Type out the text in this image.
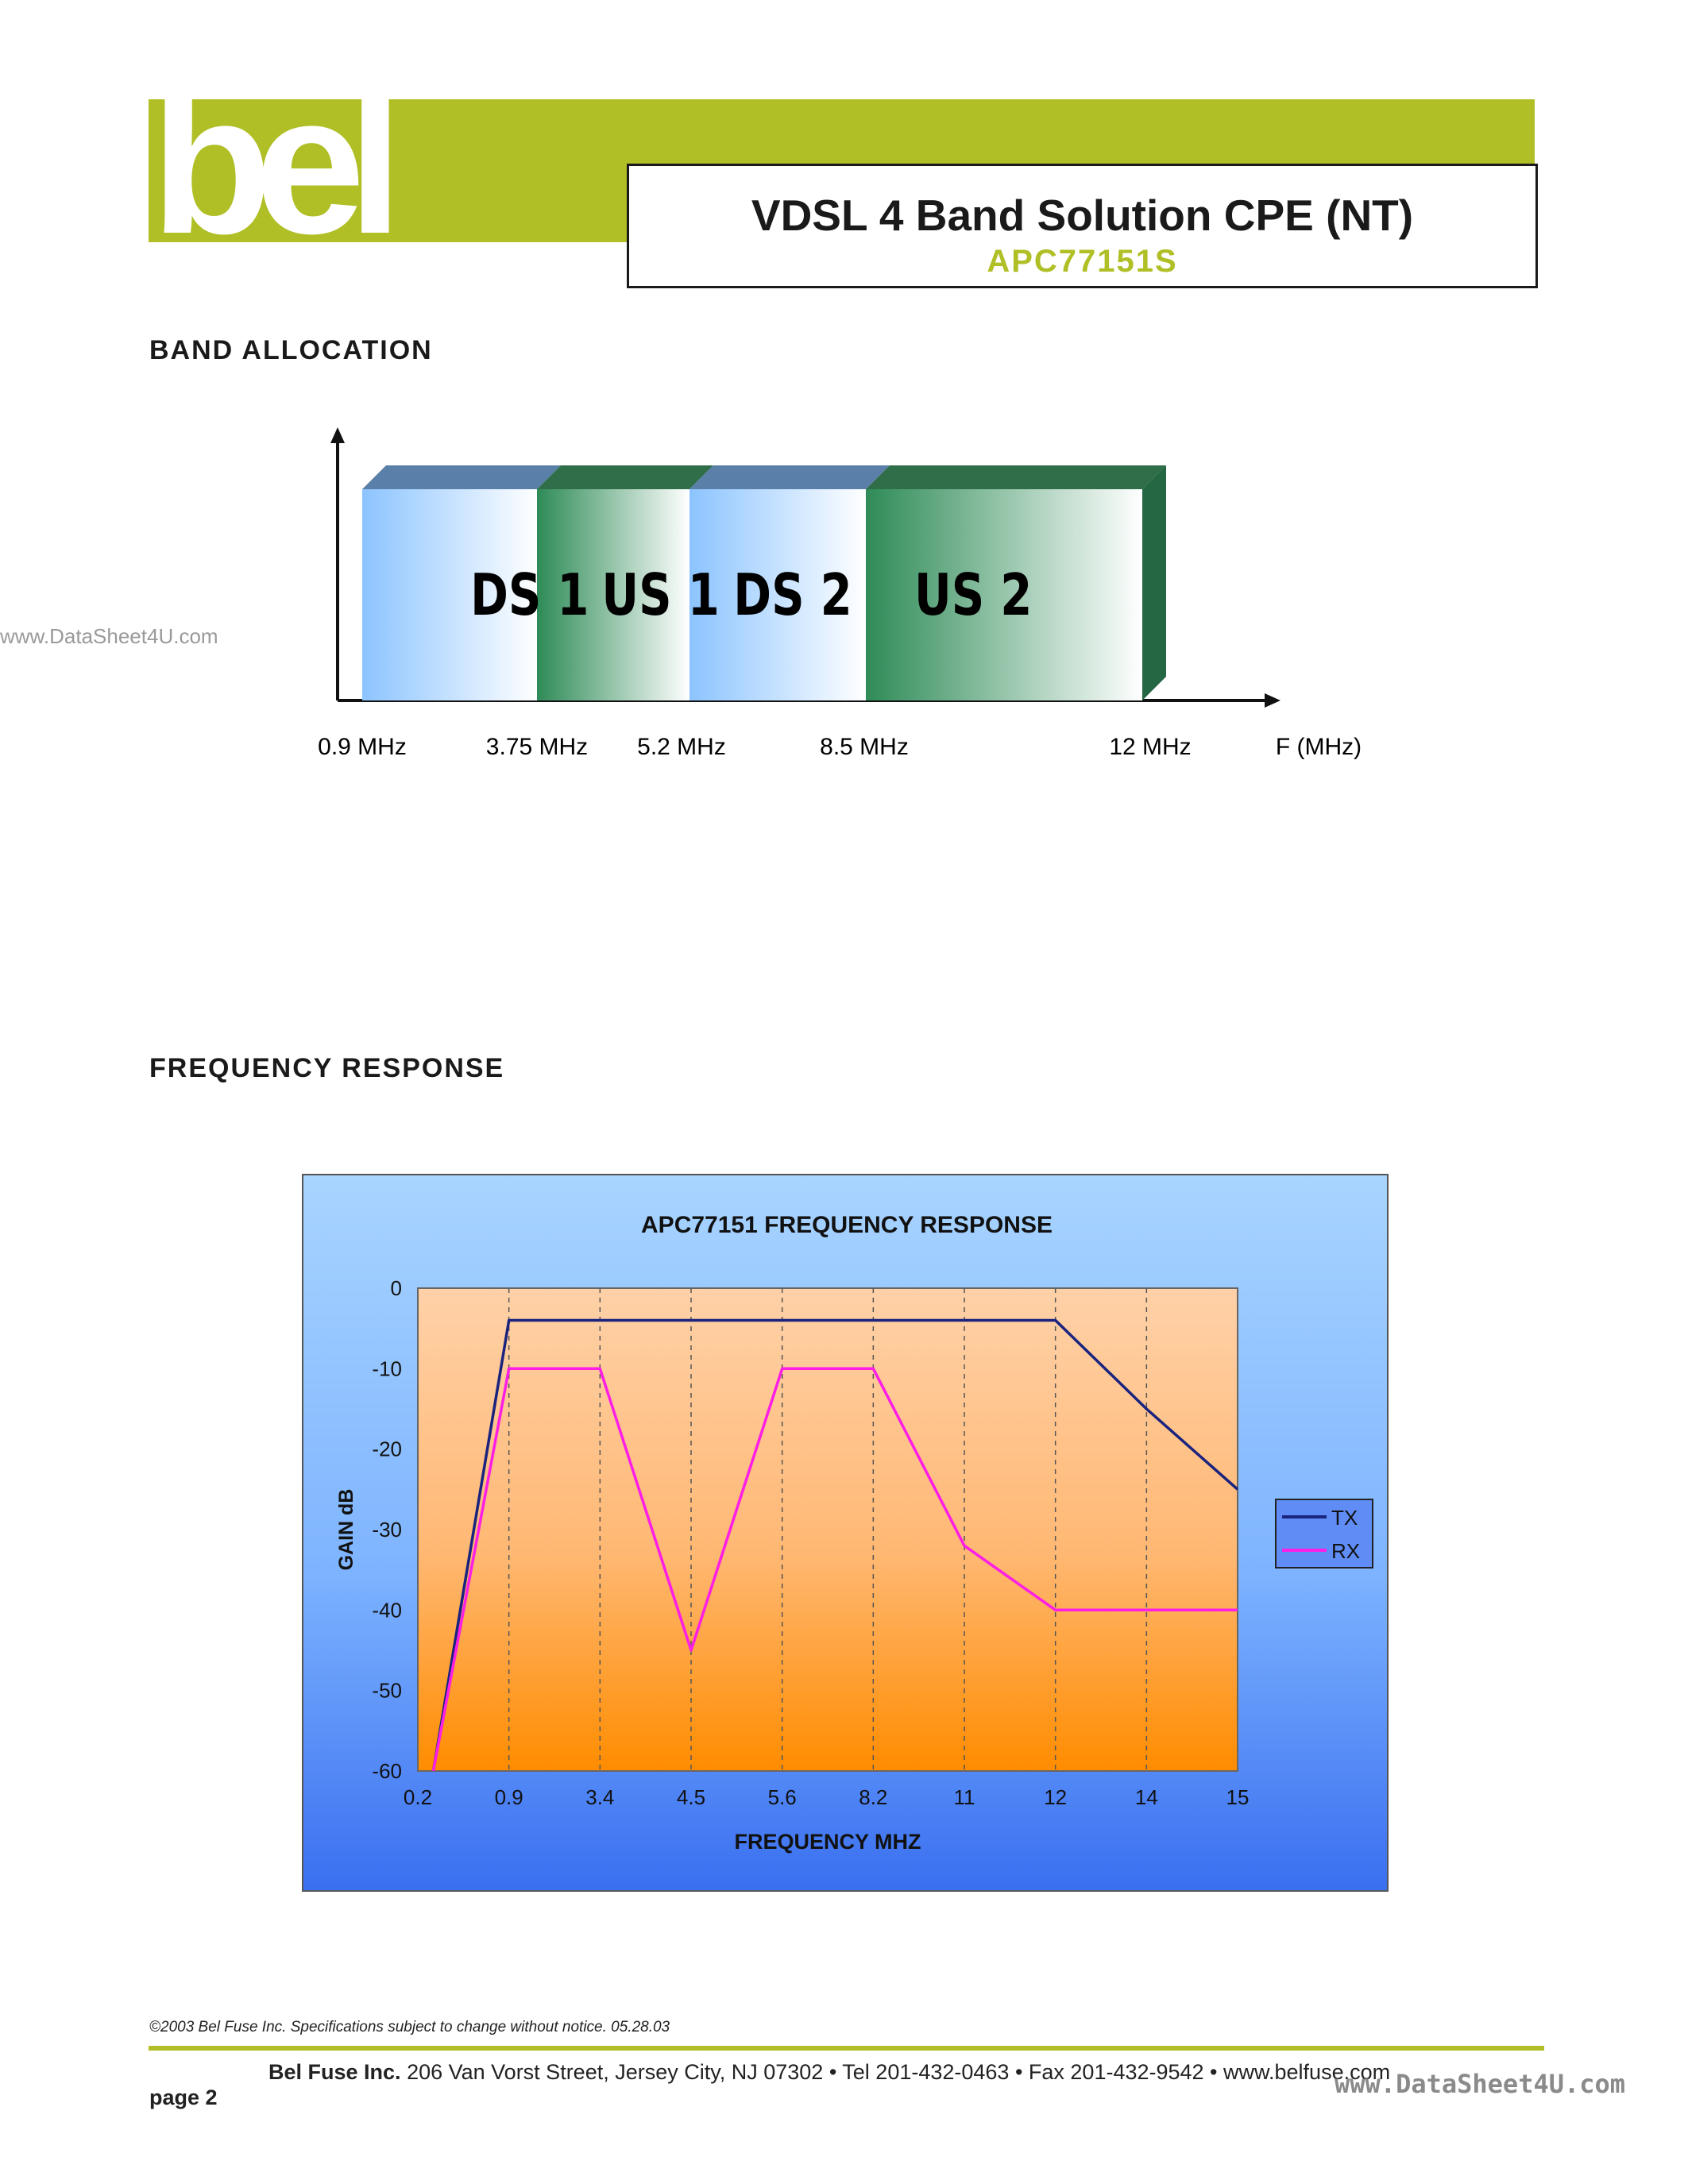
bel	VDSL 4 Band Solution CPE (NT)
APC77151S
BAND ALLOCATION
www.DataSheet4U.com
DS 1 US 1 DS 2 US 2
0.9 MHz	3.75 MHz 5.2 MHz	8.5 MHz	12 MHz	F (MHz)
FREQUENCY RESPONSE
APC77151 FREQUENCY RESPONSE
0.2	0.9	3.4	4.5	5.6	8.2	11	12	14	15
0
-10
-20
-30
-40
-50
-60
FREQUENCY MHZ
GAIN dB	TX
RX
©2003 Bel Fuse Inc. Specifications subject to change without notice. 05.28.03
Bel Fuse Inc. 206 Van Vorst Street, Jersey City, NJ 07302 • Tel 201-432-0463 • Fax 201-432-9542 • www.belfuse.com
page 2	www.DataSheet4U.com
